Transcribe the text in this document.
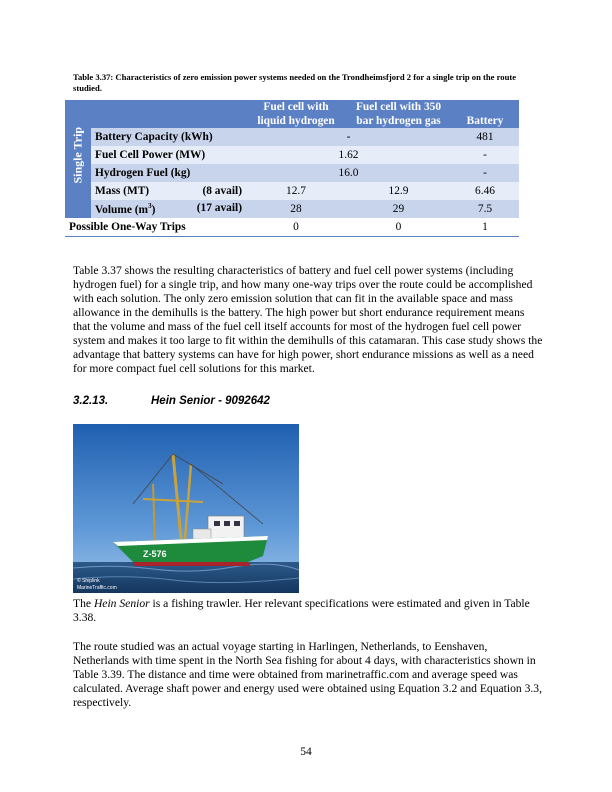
Table 3.37: Characteristics of zero emission power systems needed on the Trondheimsfjord 2 for a single trip on the route studied.
		Fuel cell with liquid hydrogen	Fuel cell with 350 bar hydrogen gas	Battery

Single Trip	Battery Capacity (kWh)	-		481
	Fuel Cell Power (MW)	1.62		-
	Hydrogen Fuel (kg)	16.0		-

	Mass (MT) (8 avail)	12.7	12.9	6.46

	Volume $(m^3)$ (17 avail)	28	29	7.5
Possible One-Way Trips		0	0	1
Table 3.37 shows the resulting characteristics of battery and fuel cell power systems (including hydrogen fuel) for a single trip, and how many one-way trips over the route could be accomplished with each solution. The only zero emission solution that can fit in the available space and mass allowance in the demihulls is the battery. The high power but short endurance requirement means that the volume and mass of the fuel cell itself accounts for most of the hydrogen fuel cell power system and makes it too large to fit within the demihulls of this catamaran. This case study shows the advantage that battery systems can have for high power, short endurance missions as well as a need for more compact fuel cell solutions for this market.
3.2.13.	Hein Senior - 9092642
Z-576
© Shiplink
MarineTraffic.com
The Hein Senior is a fishing trawler. Her relevant specifications were estimated and given in Table 3.38.
The route studied was an actual voyage starting in Harlingen, Netherlands, to Eenshaven, Netherlands with time spent in the North Sea fishing for about 4 days, with characteristics shown in Table 3.39. The distance and time were obtained from marinetraffic.com and average speed was calculated. Average shaft power and energy used were obtained using Equation 3.2 and Equation 3.3, respectively.
54
